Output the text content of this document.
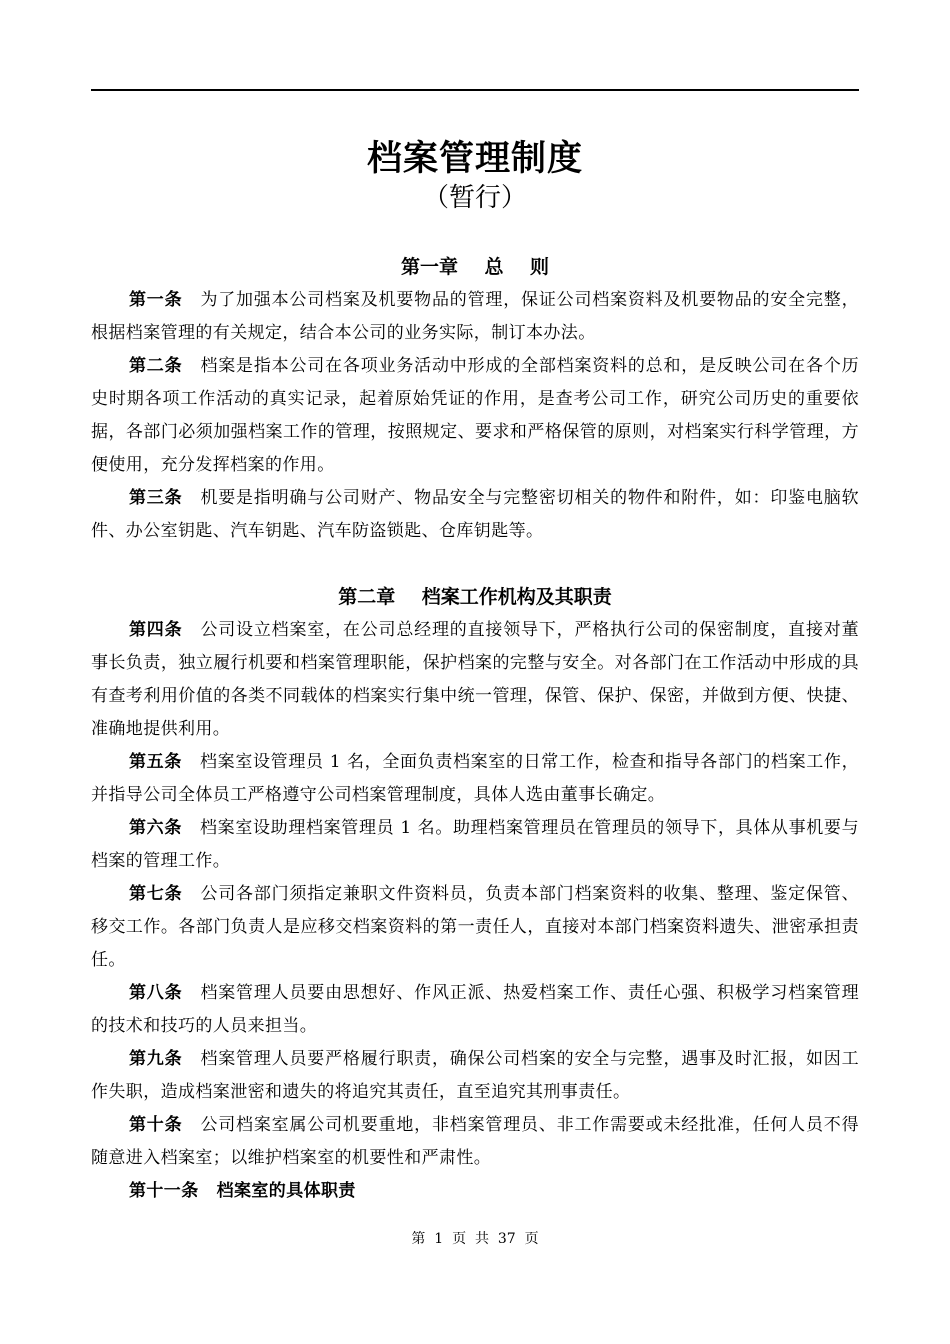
档案管理制度
（暂行）
第一章    总    则

第一条 为了加强本公司档案及机要物品的管理，保证公司档案资料及机要物品的安全完整，根据档案管理的有关规定，结合本公司的业务实际，制订本办法。

第二条 档案是指本公司在各项业务活动中形成的全部档案资料的总和，是反映公司在各个历史时期各项工作活动的真实记录，起着原始凭证的作用，是查考公司工作，研究公司历史的重要依据，各部门必须加强档案工作的管理，按照规定、要求和严格保管的原则，对档案实行科学管理，方便使用，充分发挥档案的作用。

第三条 机要是指明确与公司财产、物品安全与完整密切相关的物件和附件，如：印鉴电脑软件、办公室钥匙、汽车钥匙、汽车防盗锁匙、仓库钥匙等。

第二章    档案工作机构及其职责

第四条 公司设立档案室，在公司总经理的直接领导下，严格执行公司的保密制度，直接对董事长负责，独立履行机要和档案管理职能，保护档案的完整与安全。对各部门在工作活动中形成的具有查考利用价值的各类不同载体的档案实行集中统一管理，保管、保护、保密，并做到方便、快捷、准确地提供利用。

第五条 档案室设管理员 1 名，全面负责档案室的日常工作，检查和指导各部门的档案工作，并指导公司全体员工严格遵守公司档案管理制度，具体人选由董事长确定。

第六条 档案室设助理档案管理员 1 名。助理档案管理员在管理员的领导下，具体从事机要与档案的管理工作。

第七条 公司各部门须指定兼职文件资料员，负责本部门档案资料的收集、整理、鉴定保管、移交工作。各部门负责人是应移交档案资料的第一责任人，直接对本部门档案资料遗失、泄密承担责任。

第八条 档案管理人员要由思想好、作风正派、热爱档案工作、责任心强、积极学习档案管理的技术和技巧的人员来担当。

第九条 档案管理人员要严格履行职责，确保公司档案的安全与完整，遇事及时汇报，如因工作失职，造成档案泄密和遗失的将追究其责任，直至追究其刑事责任。

第十条 公司档案室属公司机要重地，非档案管理员、非工作需要或未经批准，任何人员不得随意进入档案室；以维护档案室的机要性和严肃性。

第十一条 档案室的具体职责

第  1  页  共  37  页
